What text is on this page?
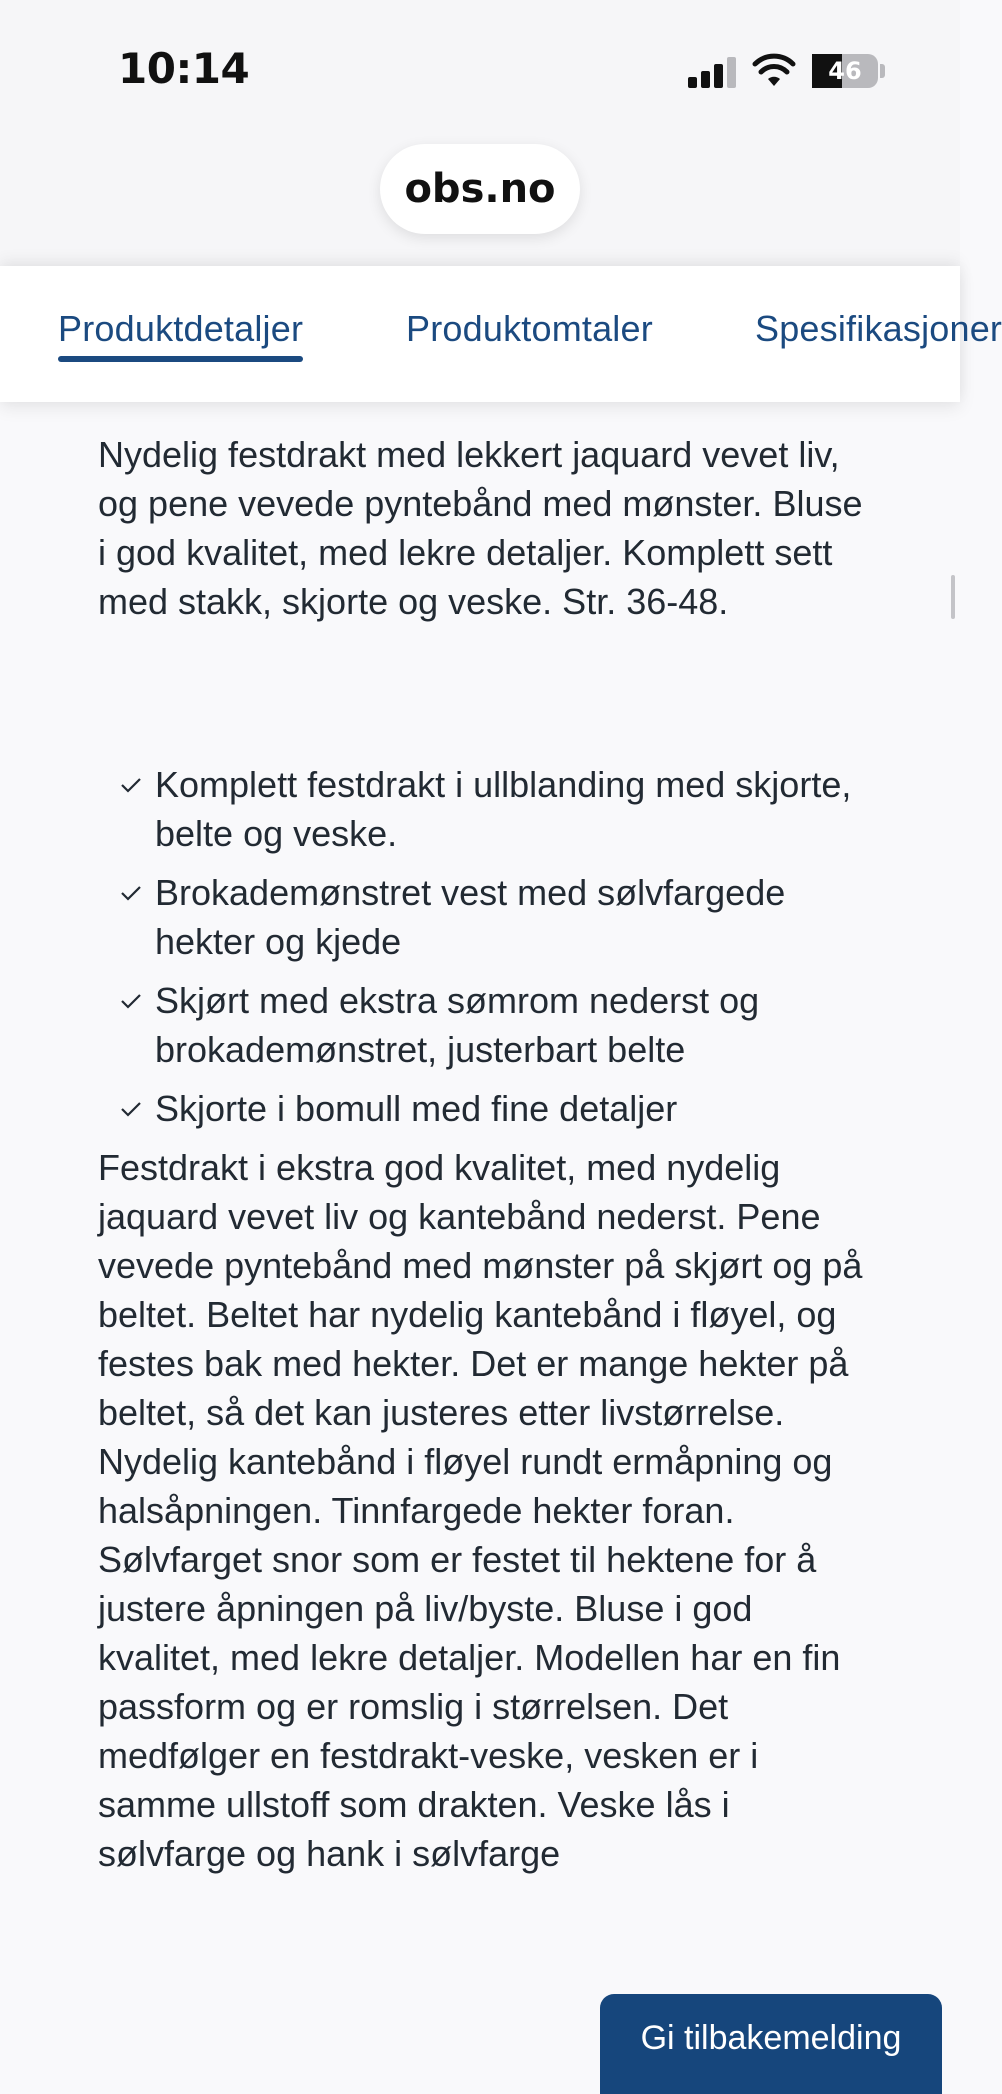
10:14	46
obs.no
Produktdetaljer	Produktomtaler	Spesifikasjoner

Nydelig festdrakt med lekkert jaquard vevet liv, og pene vevede pyntebånd med mønster. Bluse i god kvalitet, med lekre detaljer. Komplett sett med stakk, skjorte og veske. Str. 36-48.

Komplett festdrakt i ullblanding med skjorte, belte og veske.
Brokademønstret vest med sølvfargede hekter og kjede
Skjørt med ekstra sømrom nederst og brokademønstret, justerbart belte
Skjorte i bomull med fine detaljer

Festdrakt i ekstra god kvalitet, med nydelig jaquard vevet liv og kantebånd nederst. Pene vevede pyntebånd med mønster på skjørt og på beltet. Beltet har nydelig kantebånd i fløyel, og festes bak med hekter. Det er mange hekter på beltet, så det kan justeres etter livstørrelse. Nydelig kantebånd i fløyel rundt ermåpning og halsåpningen. Tinnfargede hekter foran. Sølvfarget snor som er festet til hektene for å justere åpningen på liv/byste. Bluse i god kvalitet, med lekre detaljer. Modellen har en fin passform og er romslig i størrelsen. Det medfølger en festdrakt-veske, vesken er i samme ullstoff som drakten. Veske lås i sølvfarge og hank i sølvfarge

Gi tilbakemelding
